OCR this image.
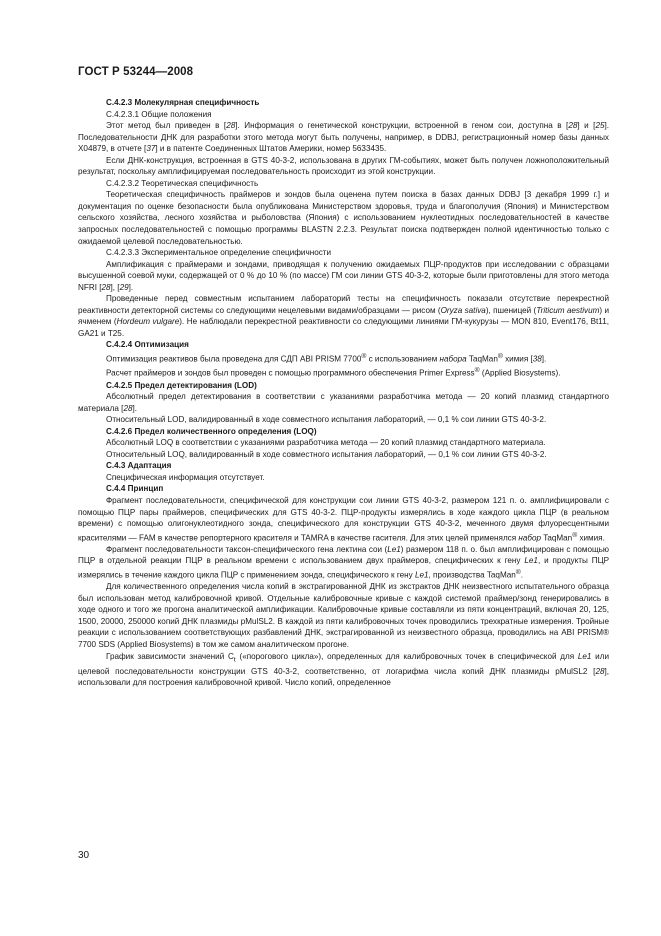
ГОСТ Р 53244—2008

C.4.2.3 Молекулярная специфичность

C.4.2.3.1 Общие положения

Этот метод был приведен в [28]. Информация о генетической конструкции, встроенной в геном сои, доступна в [28] и [25]. Последовательности ДНК для разработки этого метода могут быть получены, например, в DDBJ, регистрационный номер базы данных X04879, в отчете [37] и в патенте Соединенных Штатов Америки, номер 5633435.

Если ДНК-конструкция, встроенная в GTS 40-3-2, использована в других ГМ-событиях, может быть получен ложноположительный результат, поскольку амплифицируемая последовательность происходит из этой конструкции.

C.4.2.3.2 Теоретическая специфичность

Теоретическая специфичность праймеров и зондов была оценена путем поиска в базах данных DDBJ [3 декабря 1999 г.] и документация по оценке безопасности была опубликована Министерством здоровья, труда и благополучия (Япония) и Министерством сельского хозяйства, лесного хозяйства и рыболовства (Япония) с использованием нуклеотидных последовательностей в качестве запросных последовательностей с помощью программы BLASTN 2.2.3. Результат поиска подтвержден полной идентичностью только с ожидаемой целевой последовательностью.

C.4.2.3.3 Экспериментальное определение специфичности

Амплификация с праймерами и зондами, приводящая к получению ожидаемых ПЦР-продуктов при исследовании с образцами высушенной соевой муки, содержащей от 0 % до 10 % (по массе) ГМ сои линии GTS 40-3-2, которые были приготовлены для этого метода NFRI [28], [29].

Проведенные перед совместным испытанием лабораторий тесты на специфичность показали отсутствие перекрестной реактивности детекторной системы со следующими нецелевыми видами/образцами — рисом (Oryza sativa), пшеницей (Triticum aestivum) и ячменем (Hordeum vulgare). Не наблюдали перекрестной реактивности со следующими линиями ГМ-кукурузы — MON 810, Event176, Bt11, GA21 и T25.

C.4.2.4 Оптимизация

Оптимизация реактивов была проведена для СДП ABI PRISM 7700® с использованием набора TaqMan® химия [38].

Расчет праймеров и зондов был проведен с помощью программного обеспечения Primer Express® (Applied Biosystems).

C.4.2.5 Предел детектирования (LOD)

Абсолютный предел детектирования в соответствии с указаниями разработчика метода — 20 копий плазмид стандартного материала [28].

Относительный LOD, валидированный в ходе совместного испытания лабораторий, — 0,1 % сои линии GTS 40-3-2.

C.4.2.6 Предел количественного определения (LOQ)

Абсолютный LOQ в соответствии с указаниями разработчика метода — 20 копий плазмид стандартного материала.

Относительный LOQ, валидированный в ходе совместного испытания лабораторий, — 0,1 % сои линии GTS 40-3-2.

C.4.3 Адаптация

Специфическая информация отсутствует.

C.4.4 Принцип

Фрагмент последовательности, специфической для конструкции сои линии GTS 40-3-2, размером 121 п. о. амплифицировали с помощью ПЦР пары праймеров, специфических для GTS 40-3-2. ПЦР-продукты измерялись в ходе каждого цикла ПЦР (в реальном времени) с помощью олигонуклеотидного зонда, специфического для конструкции GTS 40-3-2, меченного двумя флуоресцентными красителями — FAM в качестве репортерного красителя и TAMRA в качестве гасителя. Для этих целей применялся набор TaqMan® химия.

Фрагмент последовательности таксон-специфического гена лектина сои (Le1) размером 118 п. о. был амплифицирован с помощью ПЦР в отдельной реакции ПЦР в реальном времени с использованием двух праймеров, специфических к гену Le1, и продукты ПЦР измерялись в течение каждого цикла ПЦР с применением зонда, специфического к гену Le1, производства TaqMan®.

Для количественного определения числа копий в экстрагированной ДНК из экстрактов ДНК неизвестного испытательного образца был использован метод калибровочной кривой. Отдельные калибровочные кривые с каждой системой праймер/зонд генерировались в ходе одного и того же прогона аналитической амплификации. Калибровочные кривые составляли из пяти концентраций, включая 20, 125, 1500, 20000, 250000 копий ДНК плазмиды pMulSL2. В каждой из пяти калибровочных точек проводились трехкратные измерения. Тройные реакции с использованием соответствующих разбавлений ДНК, экстрагированной из неизвестного образца, проводились на ABI PRISM® 7700 SDS (Applied Biosystems) в том же самом аналитическом прогоне.

График зависимости значений $C_t$ («порогового цикла»), определенных для калибровочных точек в специфической для Le1 или целевой последовательности конструкции GTS 40-3-2, соответственно, от логарифма числа копий ДНК плазмиды pMulSL2 [28], использовали для построения калибровочной кривой. Число копий, определенное

30
